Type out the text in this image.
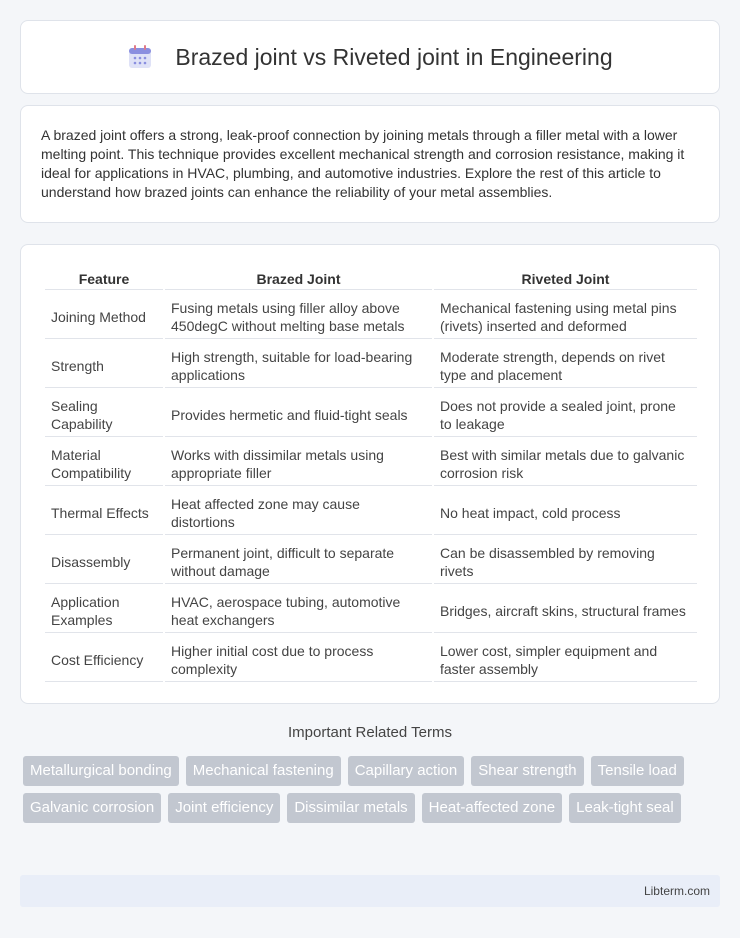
Brazed joint vs Riveted joint in Engineering

A brazed joint offers a strong, leak-proof connection by joining metals through a filler metal with a lower melting point. This technique provides excellent mechanical strength and corrosion resistance, making it ideal for applications in HVAC, plumbing, and automotive industries. Explore the rest of this article to understand how brazed joints can enhance the reliability of your metal assemblies.

Feature	Brazed Joint	Riveted Joint
Joining Method	Fusing metals using filler alloy above 450degC without melting base metals	Mechanical fastening using metal pins (rivets) inserted and deformed
Strength	High strength, suitable for load-bearing applications	Moderate strength, depends on rivet type and placement
Sealing Capability	Provides hermetic and fluid-tight seals	Does not provide a sealed joint, prone to leakage
Material Compatibility	Works with dissimilar metals using appropriate filler	Best with similar metals due to galvanic corrosion risk
Thermal Effects	Heat affected zone may cause distortions	No heat impact, cold process
Disassembly	Permanent joint, difficult to separate without damage	Can be disassembled by removing rivets
Application Examples	HVAC, aerospace tubing, automotive heat exchangers	Bridges, aircraft skins, structural frames
Cost Efficiency	Higher initial cost due to process complexity	Lower cost, simpler equipment and faster assembly
Important Related Terms
Metallurgical bonding	Mechanical fastening	Capillary action	Shear strength	Tensile load
Galvanic corrosion	Joint efficiency	Dissimilar metals	Heat-affected zone	Leak-tight seal
Libterm.com
